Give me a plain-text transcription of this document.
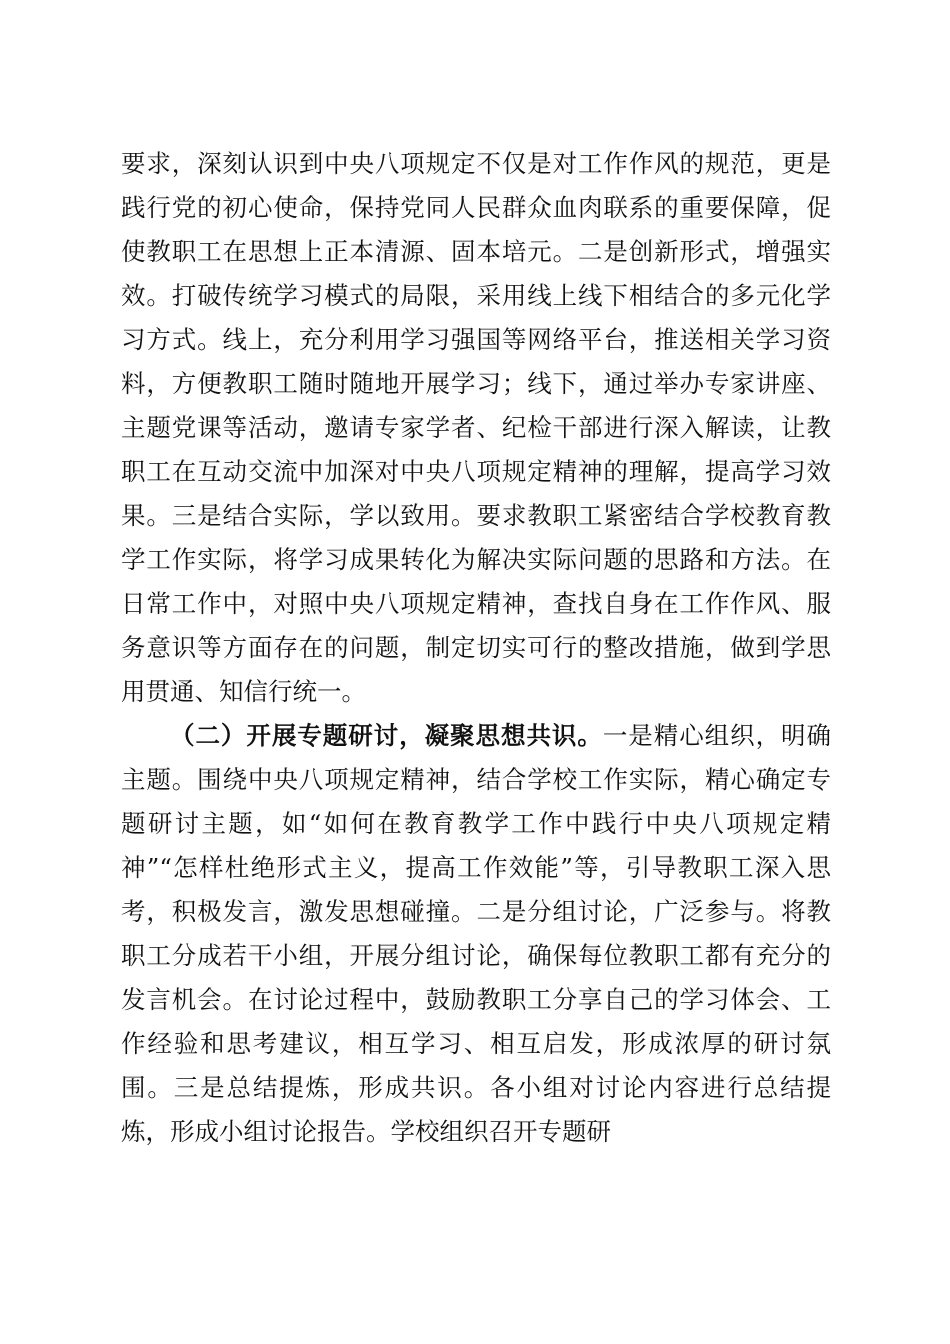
要求，深刻认识到中央八项规定不仅是对工作作风的规范，更是践行党的初心使命，保持党同人民群众血肉联系的重要保障，促使教职工在思想上正本清源、固本培元。二是创新形式，增强实效。打破传统学习模式的局限，采用线上线下相结合的多元化学习方式。线上，充分利用学习强国等网络平台，推送相关学习资料，方便教职工随时随地开展学习；线下，通过举办专家讲座、主题党课等活动，邀请专家学者、纪检干部进行深入解读，让教职工在互动交流中加深对中央八项规定精神的理解，提高学习效果。三是结合实际，学以致用。要求教职工紧密结合学校教育教学工作实际，将学习成果转化为解决实际问题的思路和方法。在日常工作中，对照中央八项规定精神，查找自身在工作作风、服务意识等方面存在的问题，制定切实可行的整改措施，做到学思用贯通、知信行统一。

（二）开展专题研讨，凝聚思想共识。一是精心组织，明确主题。围绕中央八项规定精神，结合学校工作实际，精心确定专题研讨主题，如“如何在教育教学工作中践行中央八项规定精神”“怎样杜绝形式主义，提高工作效能”等，引导教职工深入思考，积极发言，激发思想碰撞。二是分组讨论，广泛参与。将教职工分成若干小组，开展分组讨论，确保每位教职工都有充分的发言机会。在讨论过程中，鼓励教职工分享自己的学习体会、工作经验和思考建议，相互学习、相互启发，形成浓厚的研讨氛围。三是总结提炼，形成共识。各小组对讨论内容进行总结提炼，形成小组讨论报告。学校组织召开专题研
